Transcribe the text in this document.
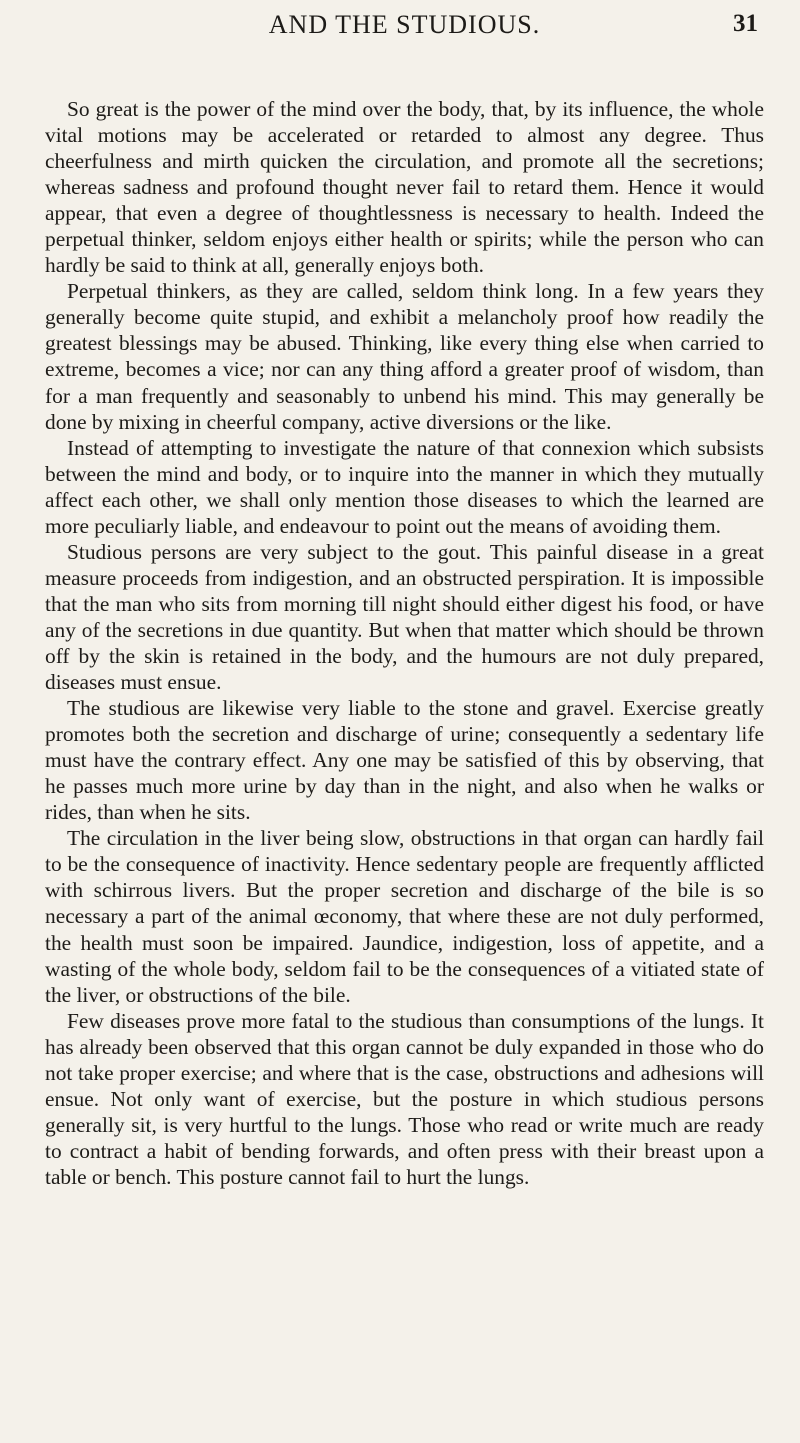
AND THE STUDIOUS.	31

So great is the power of the mind over the body, that, by its influence, the whole vital motions may be accelerated or retarded to almost any degree. Thus cheerfulness and mirth quicken the circulation, and promote all the secretions; whereas sadness and profound thought never fail to retard them. Hence it would appear, that even a degree of thoughtlessness is necessary to health. Indeed the perpetual thinker, seldom enjoys either health or spirits; while the person who can hardly be said to think at all, generally enjoys both.

Perpetual thinkers, as they are called, seldom think long. In a few years they generally become quite stupid, and exhibit a melancholy proof how readily the greatest blessings may be abused. Thinking, like every thing else when carried to extreme, becomes a vice; nor can any thing afford a greater proof of wisdom, than for a man frequently and seasonably to unbend his mind. This may generally be done by mixing in cheerful company, active diversions or the like.

Instead of attempting to investigate the nature of that connexion which subsists between the mind and body, or to inquire into the manner in which they mutually affect each other, we shall only mention those diseases to which the learned are more peculiarly liable, and endeavour to point out the means of avoiding them.

Studious persons are very subject to the gout. This painful disease in a great measure proceeds from indigestion, and an obstructed perspiration. It is impossible that the man who sits from morning till night should either digest his food, or have any of the secretions in due quantity. But when that matter which should be thrown off by the skin is retained in the body, and the humours are not duly prepared, diseases must ensue.

The studious are likewise very liable to the stone and gravel. Exercise greatly promotes both the secretion and discharge of urine; consequently a sedentary life must have the contrary effect. Any one may be satisfied of this by observing, that he passes much more urine by day than in the night, and also when he walks or rides, than when he sits.

The circulation in the liver being slow, obstructions in that organ can hardly fail to be the consequence of inactivity. Hence sedentary people are frequently afflicted with schirrous livers. But the proper secretion and discharge of the bile is so necessary a part of the animal œconomy, that where these are not duly performed, the health must soon be impaired. Jaundice, indigestion, loss of appetite, and a wasting of the whole body, seldom fail to be the consequences of a vitiated state of the liver, or obstructions of the bile.

Few diseases prove more fatal to the studious than consumptions of the lungs. It has already been observed that this organ cannot be duly expanded in those who do not take proper exercise; and where that is the case, obstructions and adhesions will ensue. Not only want of exercise, but the posture in which studious persons generally sit, is very hurtful to the lungs. Those who read or write much are ready to contract a habit of bending forwards, and often press with their breast upon a table or bench. This posture cannot fail to hurt the lungs.
